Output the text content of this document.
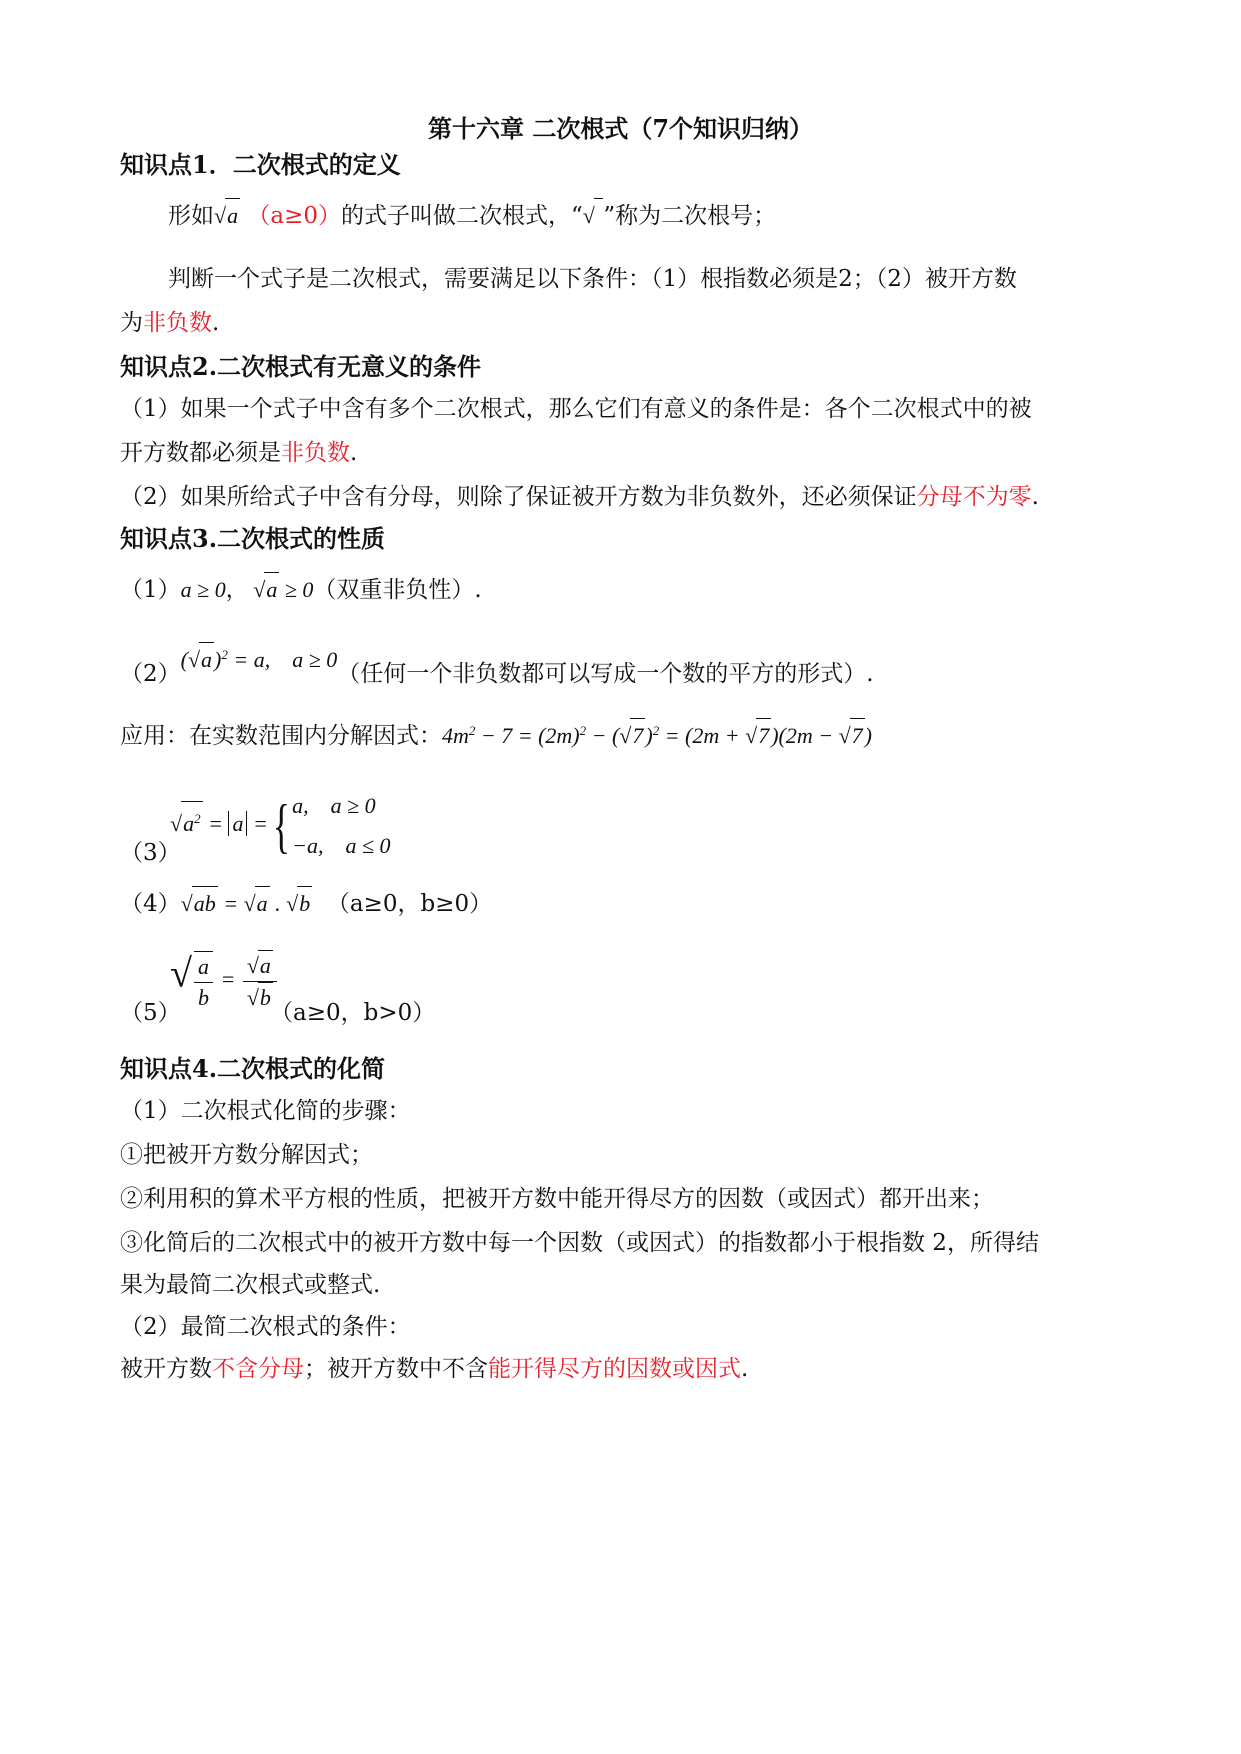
第十六章 二次根式（7个知识归纳）
知识点1．二次根式的定义
形如√a （a≥0）的式子叫做二次根式，“√ ”称为二次根号；
判断一个式子是二次根式，需要满足以下条件：（1）根指数必须是2；（2）被开方数
为非负数.
知识点2.二次根式有无意义的条件
（1）如果一个式子中含有多个二次根式，那么它们有意义的条件是：各个二次根式中的被
开方数都必须是非负数.
（2）如果所给式子中含有分母，则除了保证被开方数为非负数外，还必须保证分母不为零.
知识点3.二次根式的性质
（1）a ≥ 0， √a ≥ 0（双重非负性）.
$(2)(√a)^2 = a$,    a ≥ 0（任何一个非负数都可以写成一个数的平方的形式）.
应用：在实数范围内分解因式：$4m^2 - 7 = (2m)^2 - (√7)^2 = (2m + √7)(2m - √7)$
（3）
$√a^2 = a$ = { a,    a ≥ 0
−a,    a ≤ 0
（4）√ab = √a . √b （a≥0，b≥0）
（5）
√ $\frac{a}{b} = \frac{√a}{√b}$
（a≥0，b>0）
知识点4.二次根式的化简
（1）二次根式化简的步骤：
①把被开方数分解因式；
②利用积的算术平方根的性质，把被开方数中能开得尽方的因数（或因式）都开出来；
③化简后的二次根式中的被开方数中每一个因数（或因式）的指数都小于根指数 2，所得结
果为最简二次根式或整式.
（2）最简二次根式的条件：
被开方数不含分母；被开方数中不含能开得尽方的因数或因式.
